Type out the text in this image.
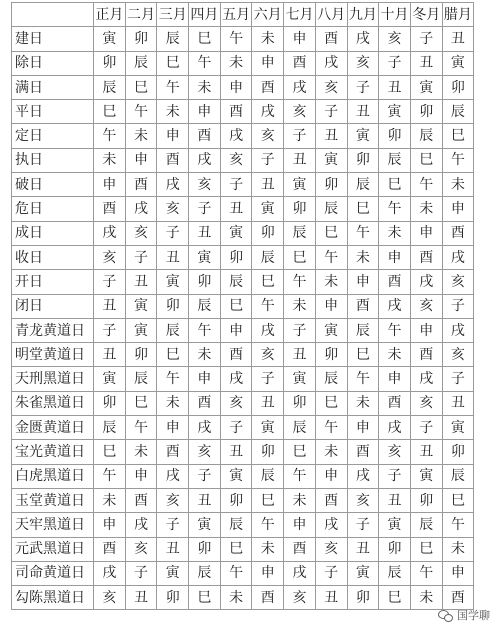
	正月	二月	三月	四月	五月	六月	七月	八月	九月	十月	冬月	腊月
建日	寅	卯	辰	巳	午	未	申	酉	戌	亥	子	丑
除日	卯	辰	巳	午	未	申	酉	戌	亥	子	丑	寅
满日	辰	巳	午	未	申	酉	戌	亥	子	丑	寅	卯
平日	巳	午	未	申	酉	戌	亥	子	丑	寅	卯	辰
定日	午	未	申	酉	戌	亥	子	丑	寅	卯	辰	巳
执日	未	申	酉	戌	亥	子	丑	寅	卯	辰	巳	午
破日	申	酉	戌	亥	子	丑	寅	卯	辰	巳	午	未
危日	酉	戌	亥	子	丑	寅	卯	辰	巳	午	未	申
成日	戌	亥	子	丑	寅	卯	辰	巳	午	未	申	酉
收日	亥	子	丑	寅	卯	辰	巳	午	未	申	酉	戌
开日	子	丑	寅	卯	辰	巳	午	未	申	酉	戌	亥
闭日	丑	寅	卯	辰	巳	午	未	申	酉	戌	亥	子
青龙黄道日	子	寅	辰	午	申	戌	子	寅	辰	午	申	戌
明堂黄道日	丑	卯	巳	未	酉	亥	丑	卯	巳	未	酉	亥
天刑黑道日	寅	辰	午	申	戌	子	寅	辰	午	申	戌	子
朱雀黑道日	卯	巳	未	酉	亥	丑	卯	巳	未	酉	亥	丑
金匮黄道日	辰	午	申	戌	子	寅	辰	午	申	戌	子	寅
宝光黄道日	巳	未	酉	亥	丑	卯	巳	未	酉	亥	丑	卯
白虎黑道日	午	申	戌	子	寅	辰	午	申	戌	子	寅	辰
玉堂黄道日	未	酉	亥	丑	卯	巳	未	酉	亥	丑	卯	巳
天牢黑道日	申	戌	子	寅	辰	午	申	戌	子	寅	辰	午
元武黑道日	酉	亥	丑	卯	巳	未	酉	亥	丑	卯	巳	未
司命黄道日	戌	子	寅	辰	午	申	戌	子	寅	辰	午	申
勾陈黑道日	亥	丑	卯	巳	未	酉	亥	丑	卯	巳	未	酉
国学聊
